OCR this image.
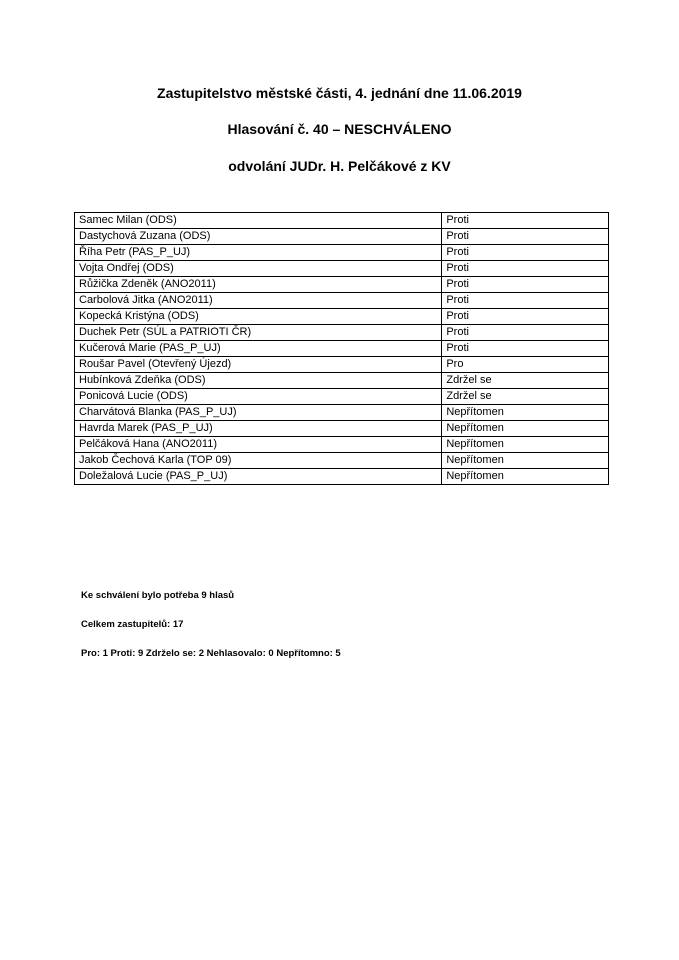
Zastupitelstvo městské části, 4. jednání dne 11.06.2019
Hlasování č. 40 – NESCHVÁLENO
odvolání JUDr. H. Pelčákové z KV
Samec Milan (ODS)	Proti
Dastychová Zuzana (ODS)	Proti
Říha Petr (PAS_P_UJ)	Proti
Vojta Ondřej (ODS)	Proti
Růžička Zdeněk (ANO2011)	Proti
Carbolová Jitka (ANO2011)	Proti
Kopecká Kristýna (ODS)	Proti
Duchek Petr (SÚL a PATRIOTI ČR)	Proti
Kučerová Marie (PAS_P_UJ)	Proti
Roušar Pavel (Otevřený Újezd)	Pro
Hubínková Zdeňka (ODS)	Zdržel se
Ponicová Lucie (ODS)	Zdržel se
Charvátová Blanka (PAS_P_UJ)	Nepřítomen
Havrda Marek (PAS_P_UJ)	Nepřítomen
Pelčáková Hana (ANO2011)	Nepřítomen
Jakob Čechová Karla (TOP 09)	Nepřítomen
Doležalová Lucie (PAS_P_UJ)	Nepřítomen
Ke schválení bylo potřeba 9 hlasů
Celkem zastupitelů: 17
Pro: 1 Proti: 9 Zdrželo se: 2 Nehlasovalo: 0 Nepřítomno: 5
